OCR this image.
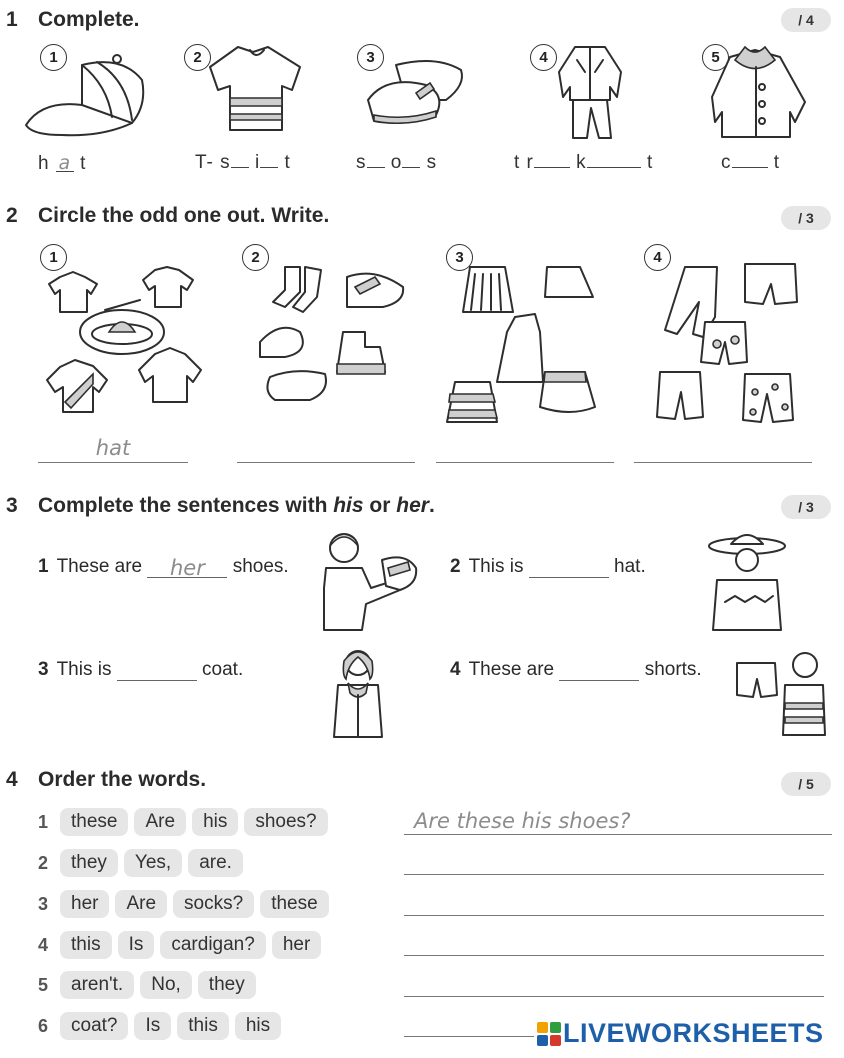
1 Complete.	/ 4
1	2	3	4	5
h a t	T- s i t	s o s	t r k	t	c t
2 Circle the odd one out. Write.	/ 3
1	2	3	4
hat
3 Complete the sentences with his or her.	/ 3
1 These are her shoes.	2 This is	hat.
3 This is	coat.	4 These are	shorts.
4 Order the words.	/ 5
1	these	Are	his	shoes?
2	they	Yes,	are.
3	her	Are	socks?	these
4	this	Is	cardigan?	her
5	aren't.	No,	they
6	coat?	Is	this	his
Are these his shoes?
LIVEWORKSHEETS
